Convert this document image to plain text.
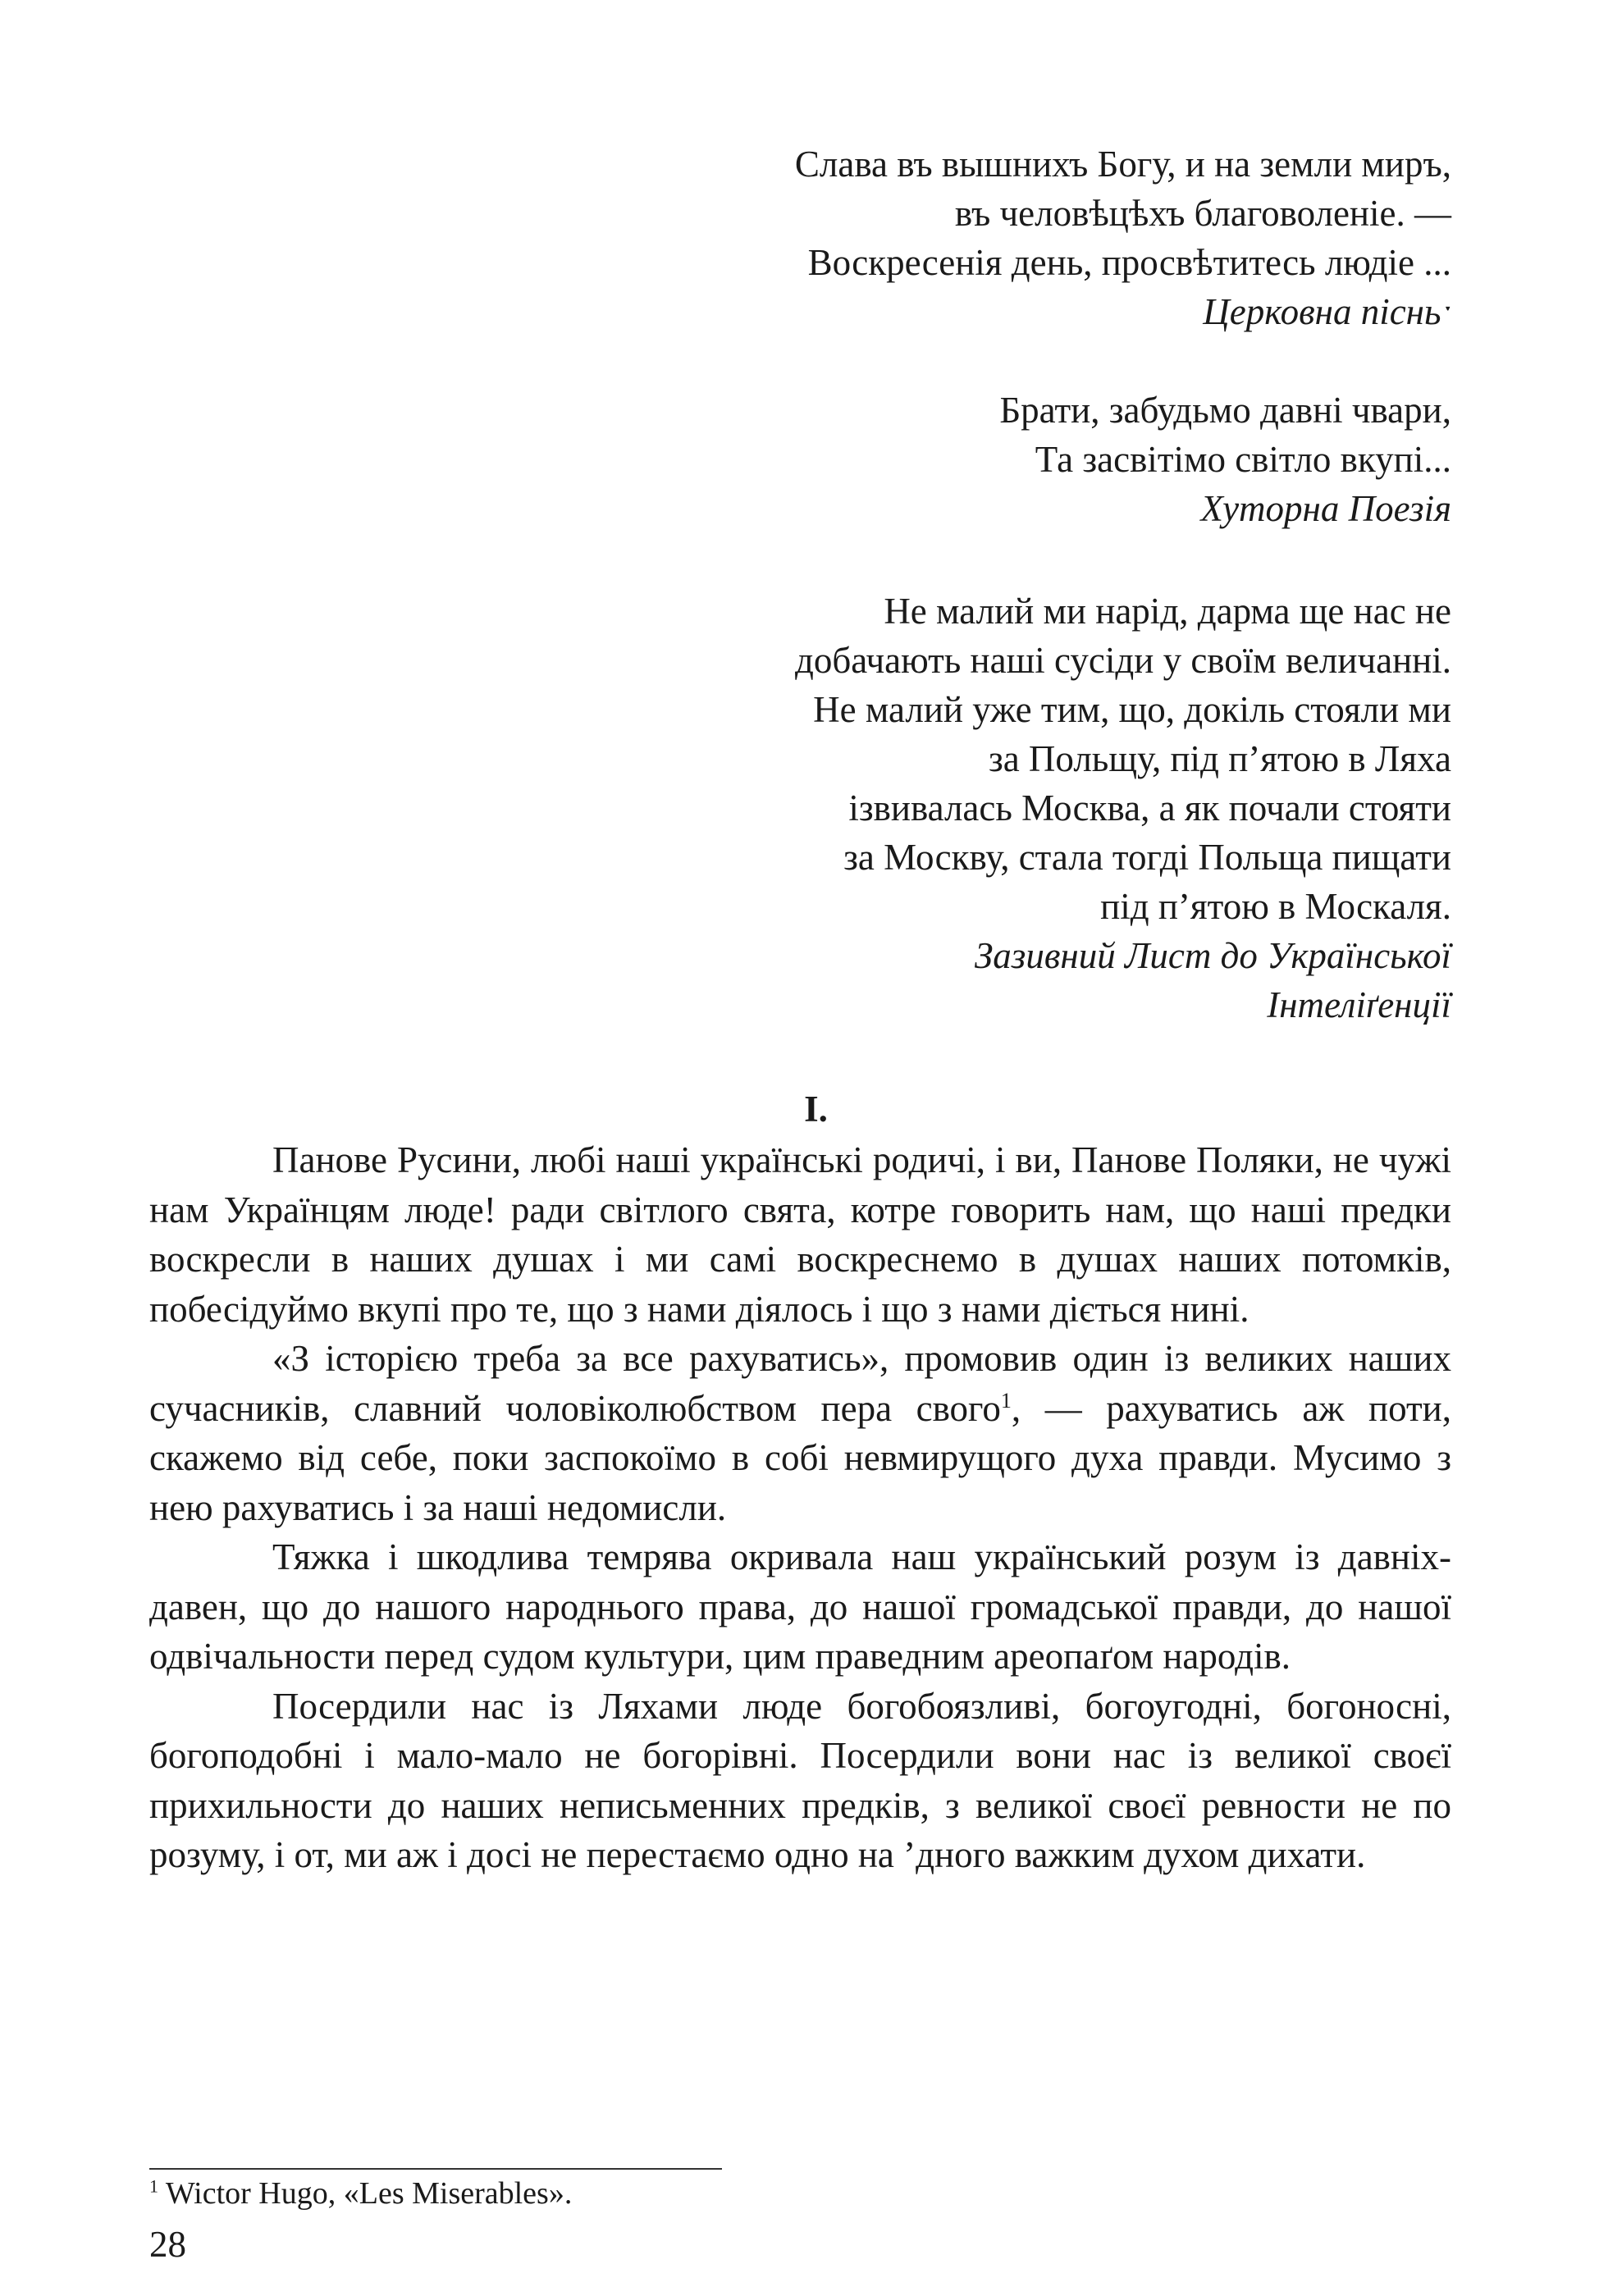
Слава въ вышнихъ Богу, и на земли миръ,
въ человѣцѣхъ благоволеніе. —
Воскресенія день, просвѣтитесь людіе ...
Церковна пісньˑ
Брати, забудьмо давні чвари,
Та засвітімо світло вкупі...
Хуторна Поезія
Не малий ми нарід, дарма ще нас не
добачають наші сусіди у своїм величанні.
Не малий уже тим, що, докіль стояли ми
за Польщу, під п’ятою в Ляха
ізвивалась Москва, а як почали стояти
за Москву, стала тогді Польща пищати
під п’ятою в Москаля.
Зазивний Лист до Української
Інтеліґенції
I.

Панове Русини, любі наші українські родичі, і ви, Панове Поляки, не чужі нам Українцям люде! ради світлого свята, котре говорить нам, що наші предки воскресли в наших душах і ми самі воскреснемо в душах наших потомків, побесідуймо вкупі про те, що з нами діялось і що з нами діється нині.

«З історією треба за все рахуватись», промовив один із великих наших сучасників, славний чоловіколюбством пера свого$^1$, — рахуватись аж поти, скажемо від себе, поки заспокоїмо в собі невмирущого духа правди. Мусимо з нею рахуватись і за наші недомисли.

Тяжка і шкодлива темрява окривала наш український розум із давніх-давен, що до нашого народнього права, до нашої громадської правди, до нашої одвічальности перед судом культури, цим праведним ареопаґом народів.

Посердили нас із Ляхами люде богобоязливі, богоугодні, богоносні, богоподобні і мало-мало не богорівні. Посердили вони нас із великої своєї прихильности до наших неписьменних предків, з великої своєї ревности не по розуму, і от, ми аж і досі не перестаємо одно на ’дного важким духом дихати.

$^1$ Wictor Hugo, «Les Miserables».
28
